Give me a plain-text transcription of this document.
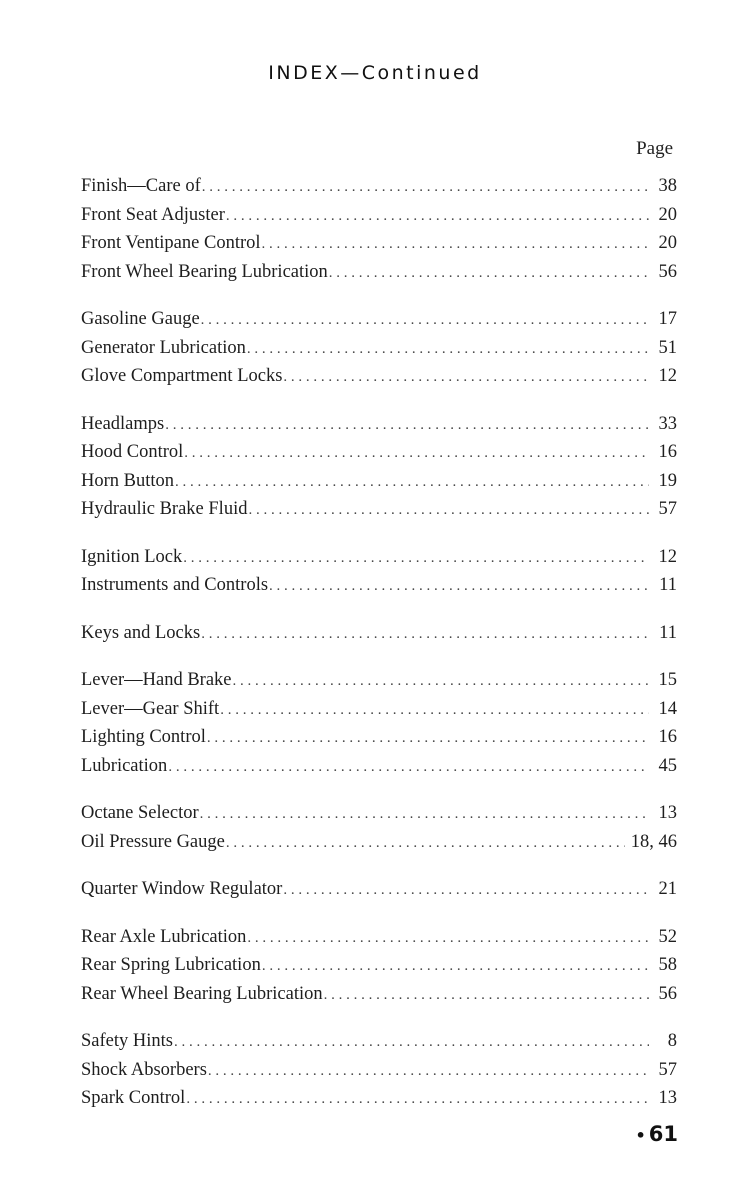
INDEX—Continued
Page
Finish—Care of . . .	38
Front Seat Adjuster . . .	20
Front Ventipane Control . . .	20
Front Wheel Bearing Lubrication . . .	56
Gasoline Gauge . . .	17
Generator Lubrication . . .	51
Glove Compartment Locks . . .	12
Headlamps . . .	33
Hood Control . . .	16
Horn Button . . .	19
Hydraulic Brake Fluid . . .	57
Ignition Lock . . .	12
Instruments and Controls . . .	11
Keys and Locks . . .	11
Lever—Hand Brake . . .	15
Lever—Gear Shift . . .	14
Lighting Control . . .	16
Lubrication . . .	45
Octane Selector . . .	13
Oil Pressure Gauge . . .	18, 46
Quarter Window Regulator . . .	21
Rear Axle Lubrication . . .	52
Rear Spring Lubrication . . .	58
Rear Wheel Bearing Lubrication . . .	56
Safety Hints . . .	8
Shock Absorbers . . .	57
Spark Control . . .	13
• 61
